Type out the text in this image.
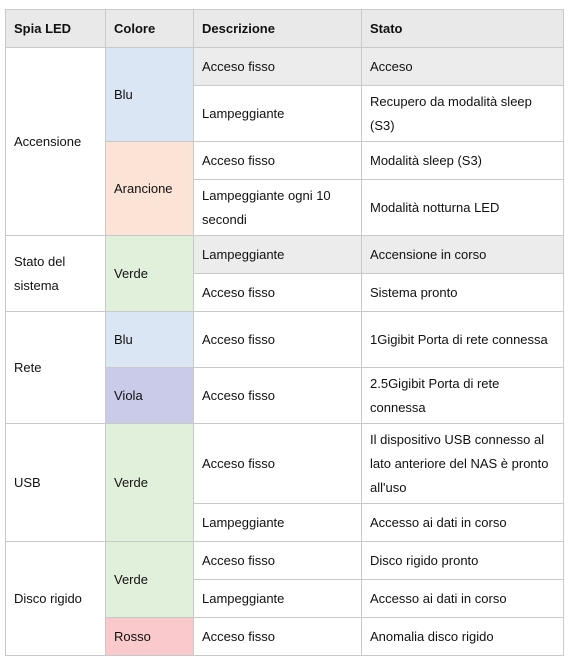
Spia LED	Colore	Descrizione	Stato
Accensione	Blu	Acceso fisso	Acceso
		Lampeggiante	Recupero da modalità sleep (S3)
	Arancione	Acceso fisso	Modalità sleep (S3)
		Lampeggiante ogni 10 secondi	Modalità notturna LED
Stato del sistema	Verde	Lampeggiante	Accensione in corso
		Acceso fisso	Sistema pronto
Rete	Blu	Acceso fisso	1Gigibit Porta di rete connessa
	Viola	Acceso fisso	2.5Gigibit Porta di rete connessa
USB	Verde	Acceso fisso	Il dispositivo USB connesso al lato anteriore del NAS è pronto all'uso
		Lampeggiante	Accesso ai dati in corso
Disco rigido	Verde	Acceso fisso	Disco rigido pronto
		Lampeggiante	Accesso ai dati in corso
	Rosso	Acceso fisso	Anomalia disco rigido
